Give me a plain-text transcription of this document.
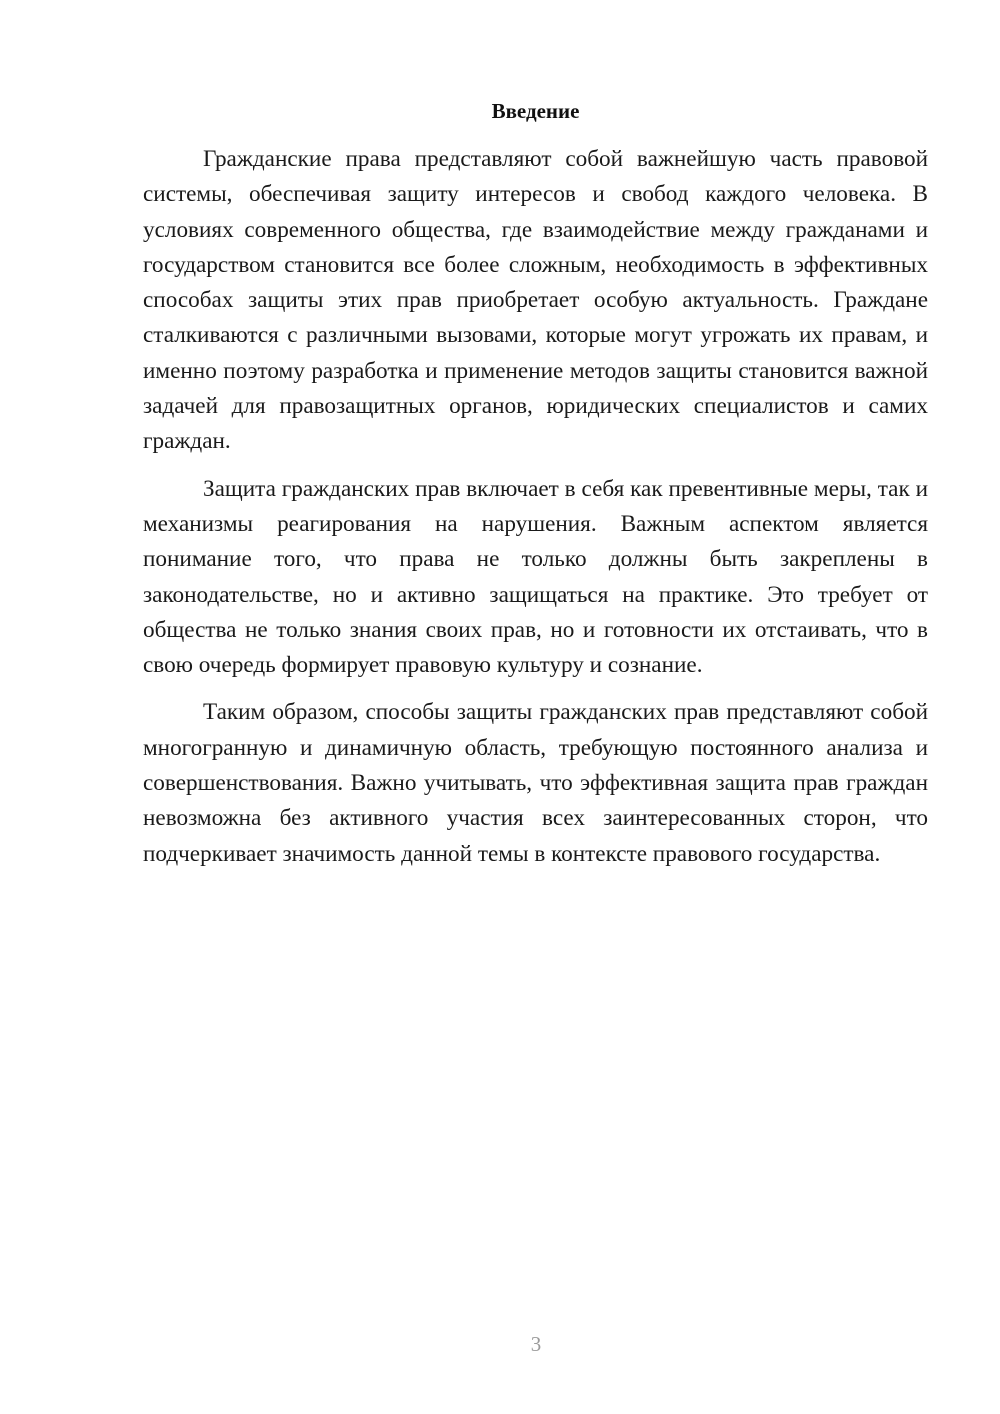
Введение

Гражданские права представляют собой важнейшую часть правовой системы, обеспечивая защиту интересов и свобод каждого человека. В условиях современного общества, где взаимодействие между гражданами и государством становится все более сложным, необходимость в эффективных способах защиты этих прав приобретает особую актуальность. Граждане сталкиваются с различными вызовами, которые могут угрожать их правам, и именно поэтому разработка и применение методов защиты становится важной задачей для правозащитных органов, юридических специалистов и самих граждан.

Защита гражданских прав включает в себя как превентивные меры, так и механизмы реагирования на нарушения. Важным аспектом является понимание того, что права не только должны быть закреплены в законодательстве, но и активно защищаться на практике. Это требует от общества не только знания своих прав, но и готовности их отстаивать, что в свою очередь формирует правовую культуру и сознание.

Таким образом, способы защиты гражданских прав представляют собой многогранную и динамичную область, требующую постоянного анализа и совершенствования. Важно учитывать, что эффективная защита прав граждан невозможна без активного участия всех заинтересованных сторон, что подчеркивает значимость данной темы в контексте правового государства.

3
